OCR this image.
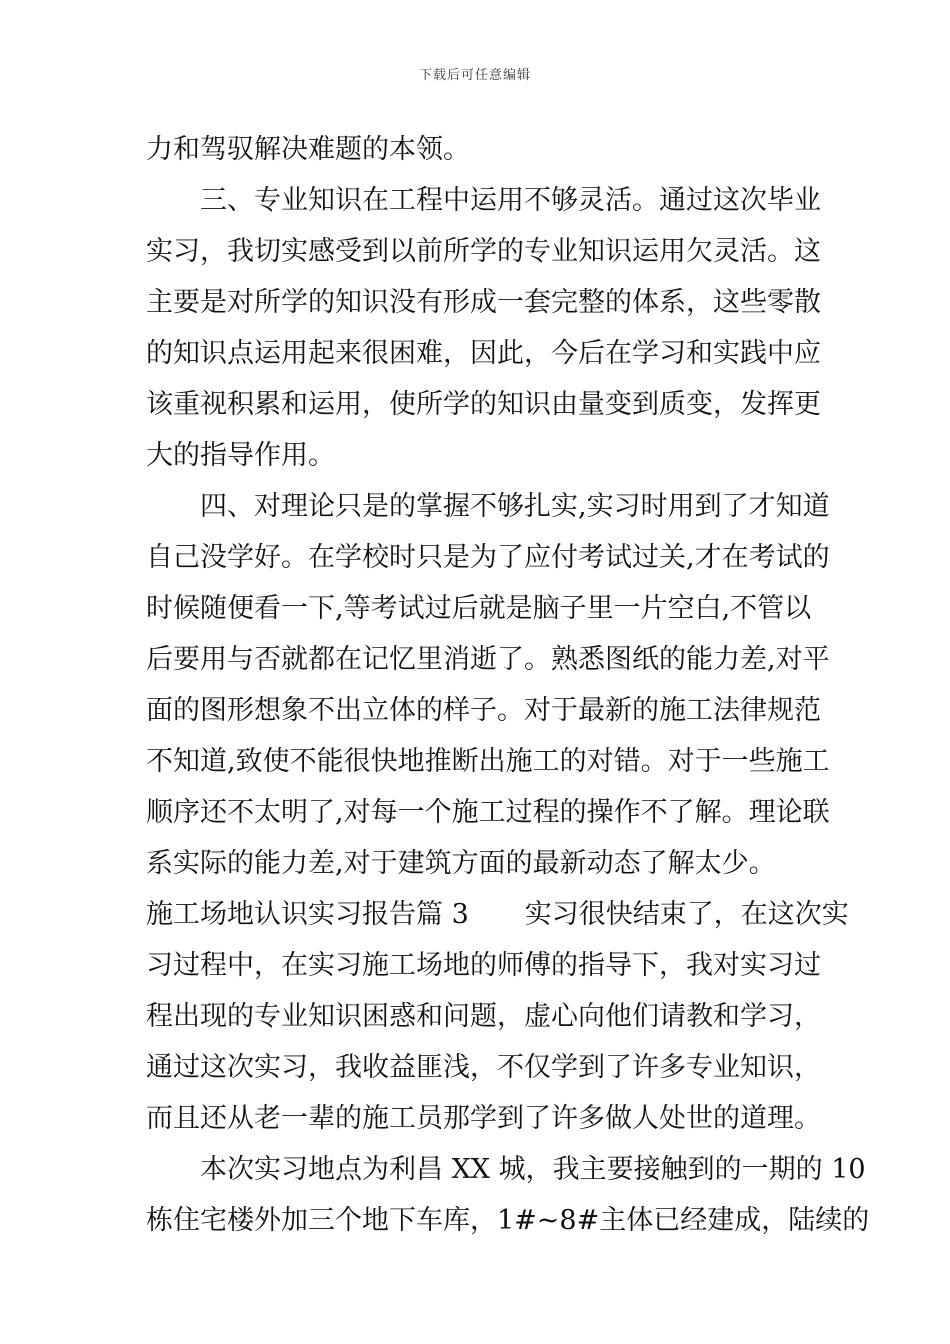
下载后可任意编辑
力和驾驭解决难题的本领。
三、专业知识在工程中运用不够灵活。通过这次毕业
实习，我切实感受到以前所学的专业知识运用欠灵活。这
主要是对所学的知识没有形成一套完整的体系，这些零散
的知识点运用起来很困难，因此，今后在学习和实践中应
该重视积累和运用，使所学的知识由量变到质变，发挥更
大的指导作用。
四、对理论只是的掌握不够扎实,实习时用到了才知道
自己没学好。在学校时只是为了应付考试过关,才在考试的
时候随便看一下,等考试过后就是脑子里一片空白,不管以
后要用与否就都在记忆里消逝了。熟悉图纸的能力差,对平
面的图形想象不出立体的样子。对于最新的施工法律规范
不知道,致使不能很快地推断出施工的对错。对于一些施工
顺序还不太明了,对每一个施工过程的操作不了解。理论联
系实际的能力差,对于建筑方面的最新动态了解太少。
施工场地认识实习报告篇 3 实习很快结束了，在这次实
习过程中，在实习施工场地的师傅的指导下，我对实习过
程出现的专业知识困惑和问题，虚心向他们请教和学习，
通过这次实习，我收益匪浅，不仅学到了许多专业知识，
而且还从老一辈的施工员那学到了许多做人处世的道理。
本次实习地点为利昌 XX 城，我主要接触到的一期的 10
栋住宅楼外加三个地下车库，1#~8#主体已经建成，陆续的
